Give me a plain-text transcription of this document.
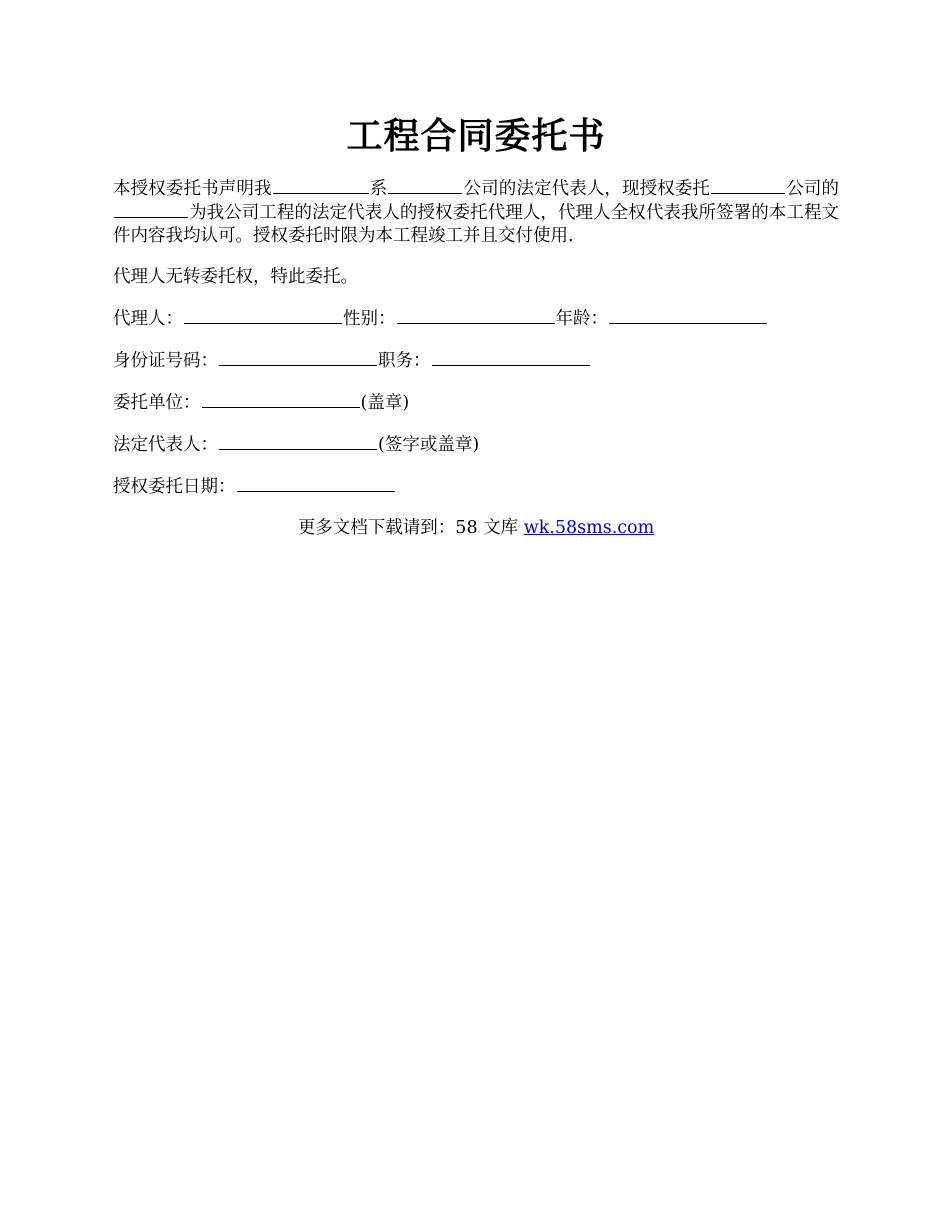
工程合同委托书

本授权委托书声明我	系	公司的法定代表人，现授权委托	公司的为我公司工程的法定代表人的授权委托代理人，代理人全权代表我所签署的本工程文件内容我均认可。授权委托时限为本工程竣工并且交付使用.

代理人无转委托权，特此委托。

代理人：	性别：	年龄：

身份证号码：	职务：

委托单位：	(盖章)

法定代表人：	(签字或盖章)

授权委托日期：

更多文档下载请到：58 文库 wk.58sms.com
